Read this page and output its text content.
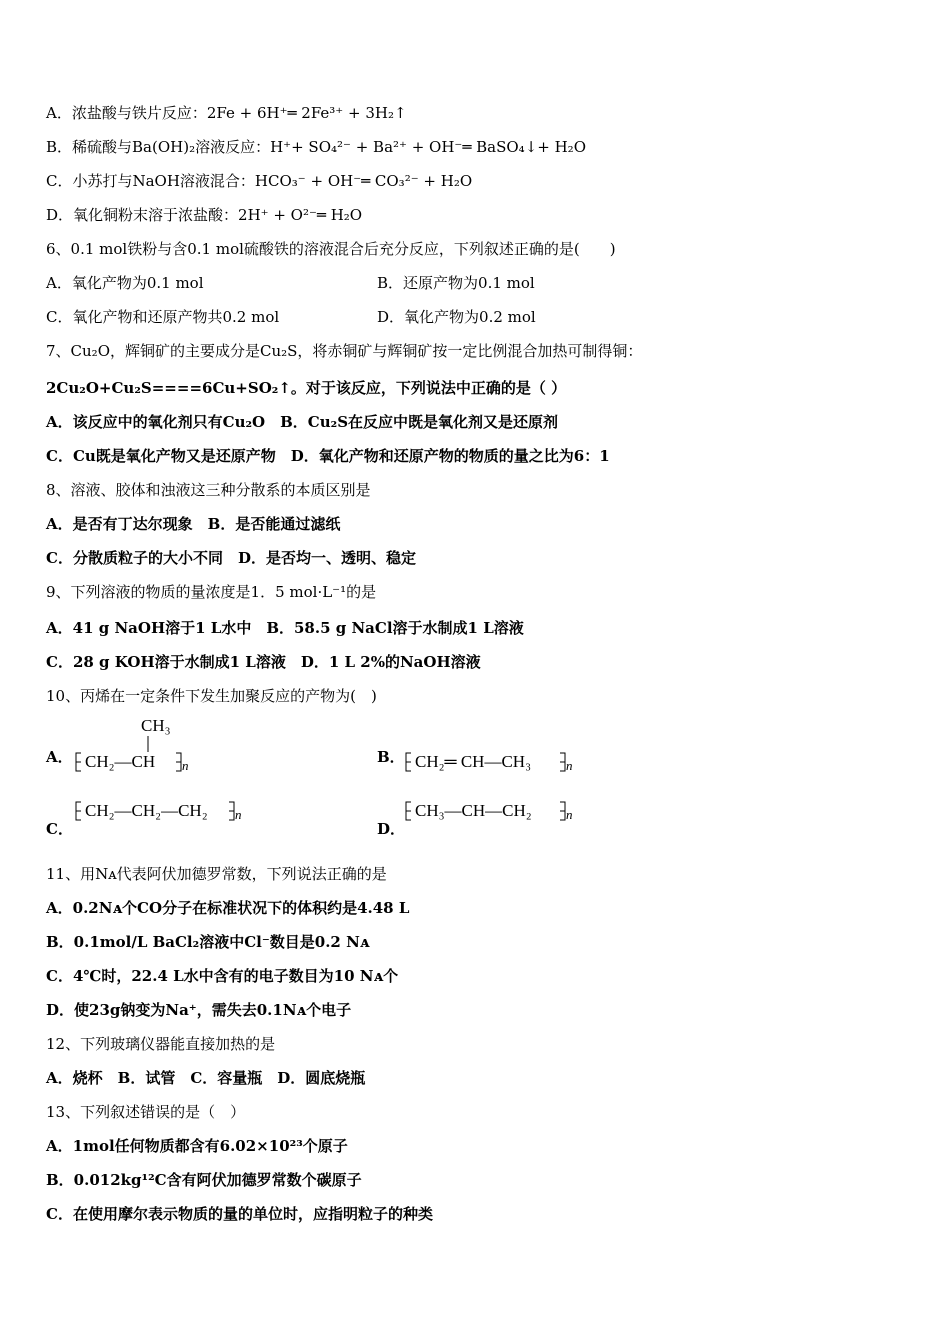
A．浓盐酸与铁片反应：2Fe + 6H⁺═ 2Fe³⁺ + 3H₂↑
B．稀硫酸与Ba(OH)₂溶液反应：H⁺+ SO₄²⁻ + Ba²⁺ + OH⁻═ BaSO₄↓+ H₂O
C．小苏打与NaOH溶液混合：HCO₃⁻ + OH⁻═ CO₃²⁻ + H₂O
D．氧化铜粉末溶于浓盐酸：2H⁺ + O²⁻═ H₂O
6、0.1 mol铁粉与含0.1 mol硫酸铁的溶液混合后充分反应，下列叙述正确的是(　　)
A．氧化产物为0.1 mol	B．还原产物为0.1 mol
C．氧化产物和还原产物共0.2 mol	D．氧化产物为0.2 mol
7、Cu₂O，辉铜矿的主要成分是Cu₂S，将赤铜矿与辉铜矿按一定比例混合加热可制得铜：
2Cu₂O+Cu₂S====6Cu+SO₂↑。对于该反应，下列说法中正确的是（ ）
A．该反应中的氧化剂只有Cu₂O　B．Cu₂S在反应中既是氧化剂又是还原剂
C．Cu既是氧化产物又是还原产物　D．氧化产物和还原产物的物质的量之比为6：1
8、溶液、胶体和浊液这三种分散系的本质区别是
A．是否有丁达尔现象　B．是否能通过滤纸
C．分散质粒子的大小不同　D．是否均一、透明、稳定
9、下列溶液的物质的量浓度是1．5 mol·L⁻¹的是
A．41 g NaOH溶于1 L水中　B．58.5 g NaCl溶于水制成1 L溶液
C．28 g KOH溶于水制成1 L溶液　D．1 L 2%的NaOH溶液
10、丙烯在一定条件下发生加聚反应的产物为(　)
A．
CH₃
CH₂—CH n	B． CH₂═ CH—CH₃	n
C．
CH₂—CH₂—CH₂ n
D．
CH₃—CH—CH₂	n
11、用Nᴀ代表阿伏加德罗常数，下列说法正确的是
A．0.2Nᴀ个CO分子在标准状况下的体积约是4.48 L
B．0.1mol/L BaCl₂溶液中Cl⁻数目是0.2 Nᴀ
C．4℃时，22.4 L水中含有的电子数目为10 Nᴀ个
D．使23g钠变为Na⁺，需失去0.1Nᴀ个电子
12、下列玻璃仪器能直接加热的是
A．烧杯　B．试管　C．容量瓶　D．圆底烧瓶
13、下列叙述错误的是（　）
A．1mol任何物质都含有6.02×10²³个原子
B．0.012kg¹²C含有阿伏加德罗常数个碳原子
C．在使用摩尔表示物质的量的单位时，应指明粒子的种类
